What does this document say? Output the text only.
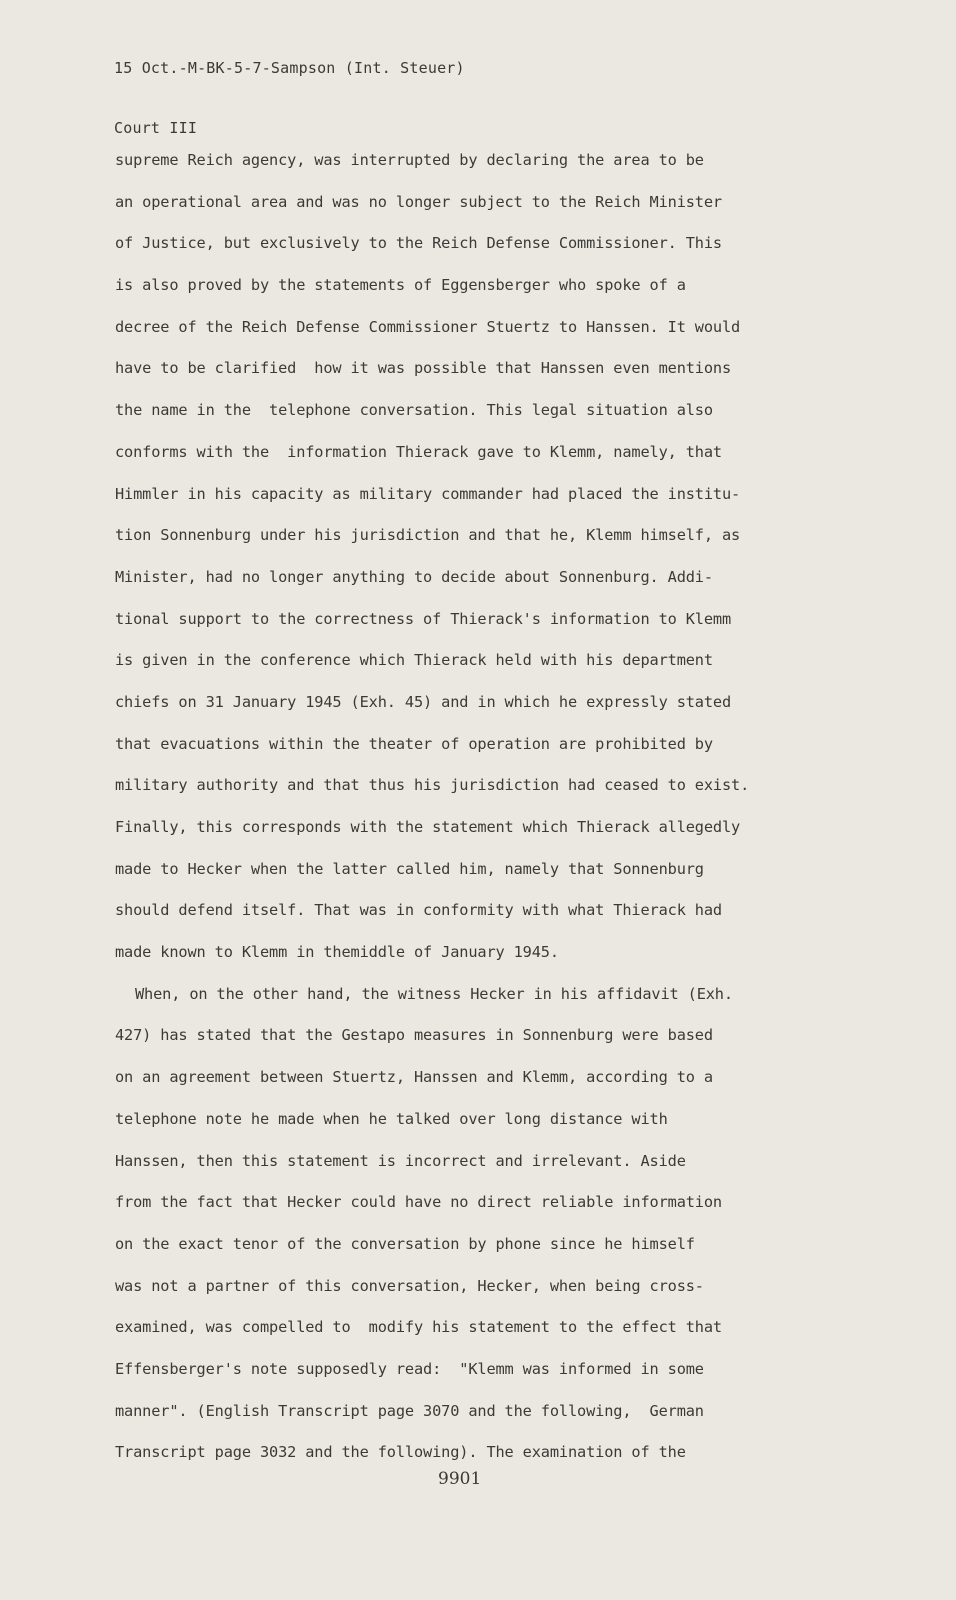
15 Oct.-M-BK-5-7-Sampson (Int. Steuer)

Court III

supreme Reich agency, was interrupted by declaring the area to be
an operational area and was no longer subject to the Reich Minister
of Justice, but exclusively to the Reich Defense Commissioner. This
is also proved by the statements of Eggensberger who spoke of a
decree of the Reich Defense Commissioner Stuertz to Hanssen. It would
have to be clarified  how it was possible that Hanssen even mentions
the name in the  telephone conversation. This legal situation also
conforms with the  information Thierack gave to Klemm, namely, that
Himmler in his capacity as military commander had placed the institu-
tion Sonnenburg under his jurisdiction and that he, Klemm himself, as
Minister, had no longer anything to decide about Sonnenburg. Addi-
tional support to the correctness of Thierack's information to Klemm
is given in the conference which Thierack held with his department
chiefs on 31 January 1945 (Exh. 45) and in which he expressly stated
that evacuations within the theater of operation are prohibited by
military authority and that thus his jurisdiction had ceased to exist.
Finally, this corresponds with the statement which Thierack allegedly
made to Hecker when the latter called him, namely that Sonnenburg
should defend itself. That was in conformity with what Thierack had
made known to Klemm in themiddle of January 1945.
When, on the other hand, the witness Hecker in his affidavit (Exh.
427) has stated that the Gestapo measures in Sonnenburg were based
on an agreement between Stuertz, Hanssen and Klemm, according to a
telephone note he made when he talked over long distance with
Hanssen, then this statement is incorrect and irrelevant. Aside
from the fact that Hecker could have no direct reliable information
on the exact tenor of the conversation by phone since he himself
was not a partner of this conversation, Hecker, when being cross-
examined, was compelled to  modify his statement to the effect that
Effensberger's note supposedly read:  "Klemm was informed in some
manner". (English Transcript page 3070 and the following,  German
Transcript page 3032 and the following). The examination of the
9901
